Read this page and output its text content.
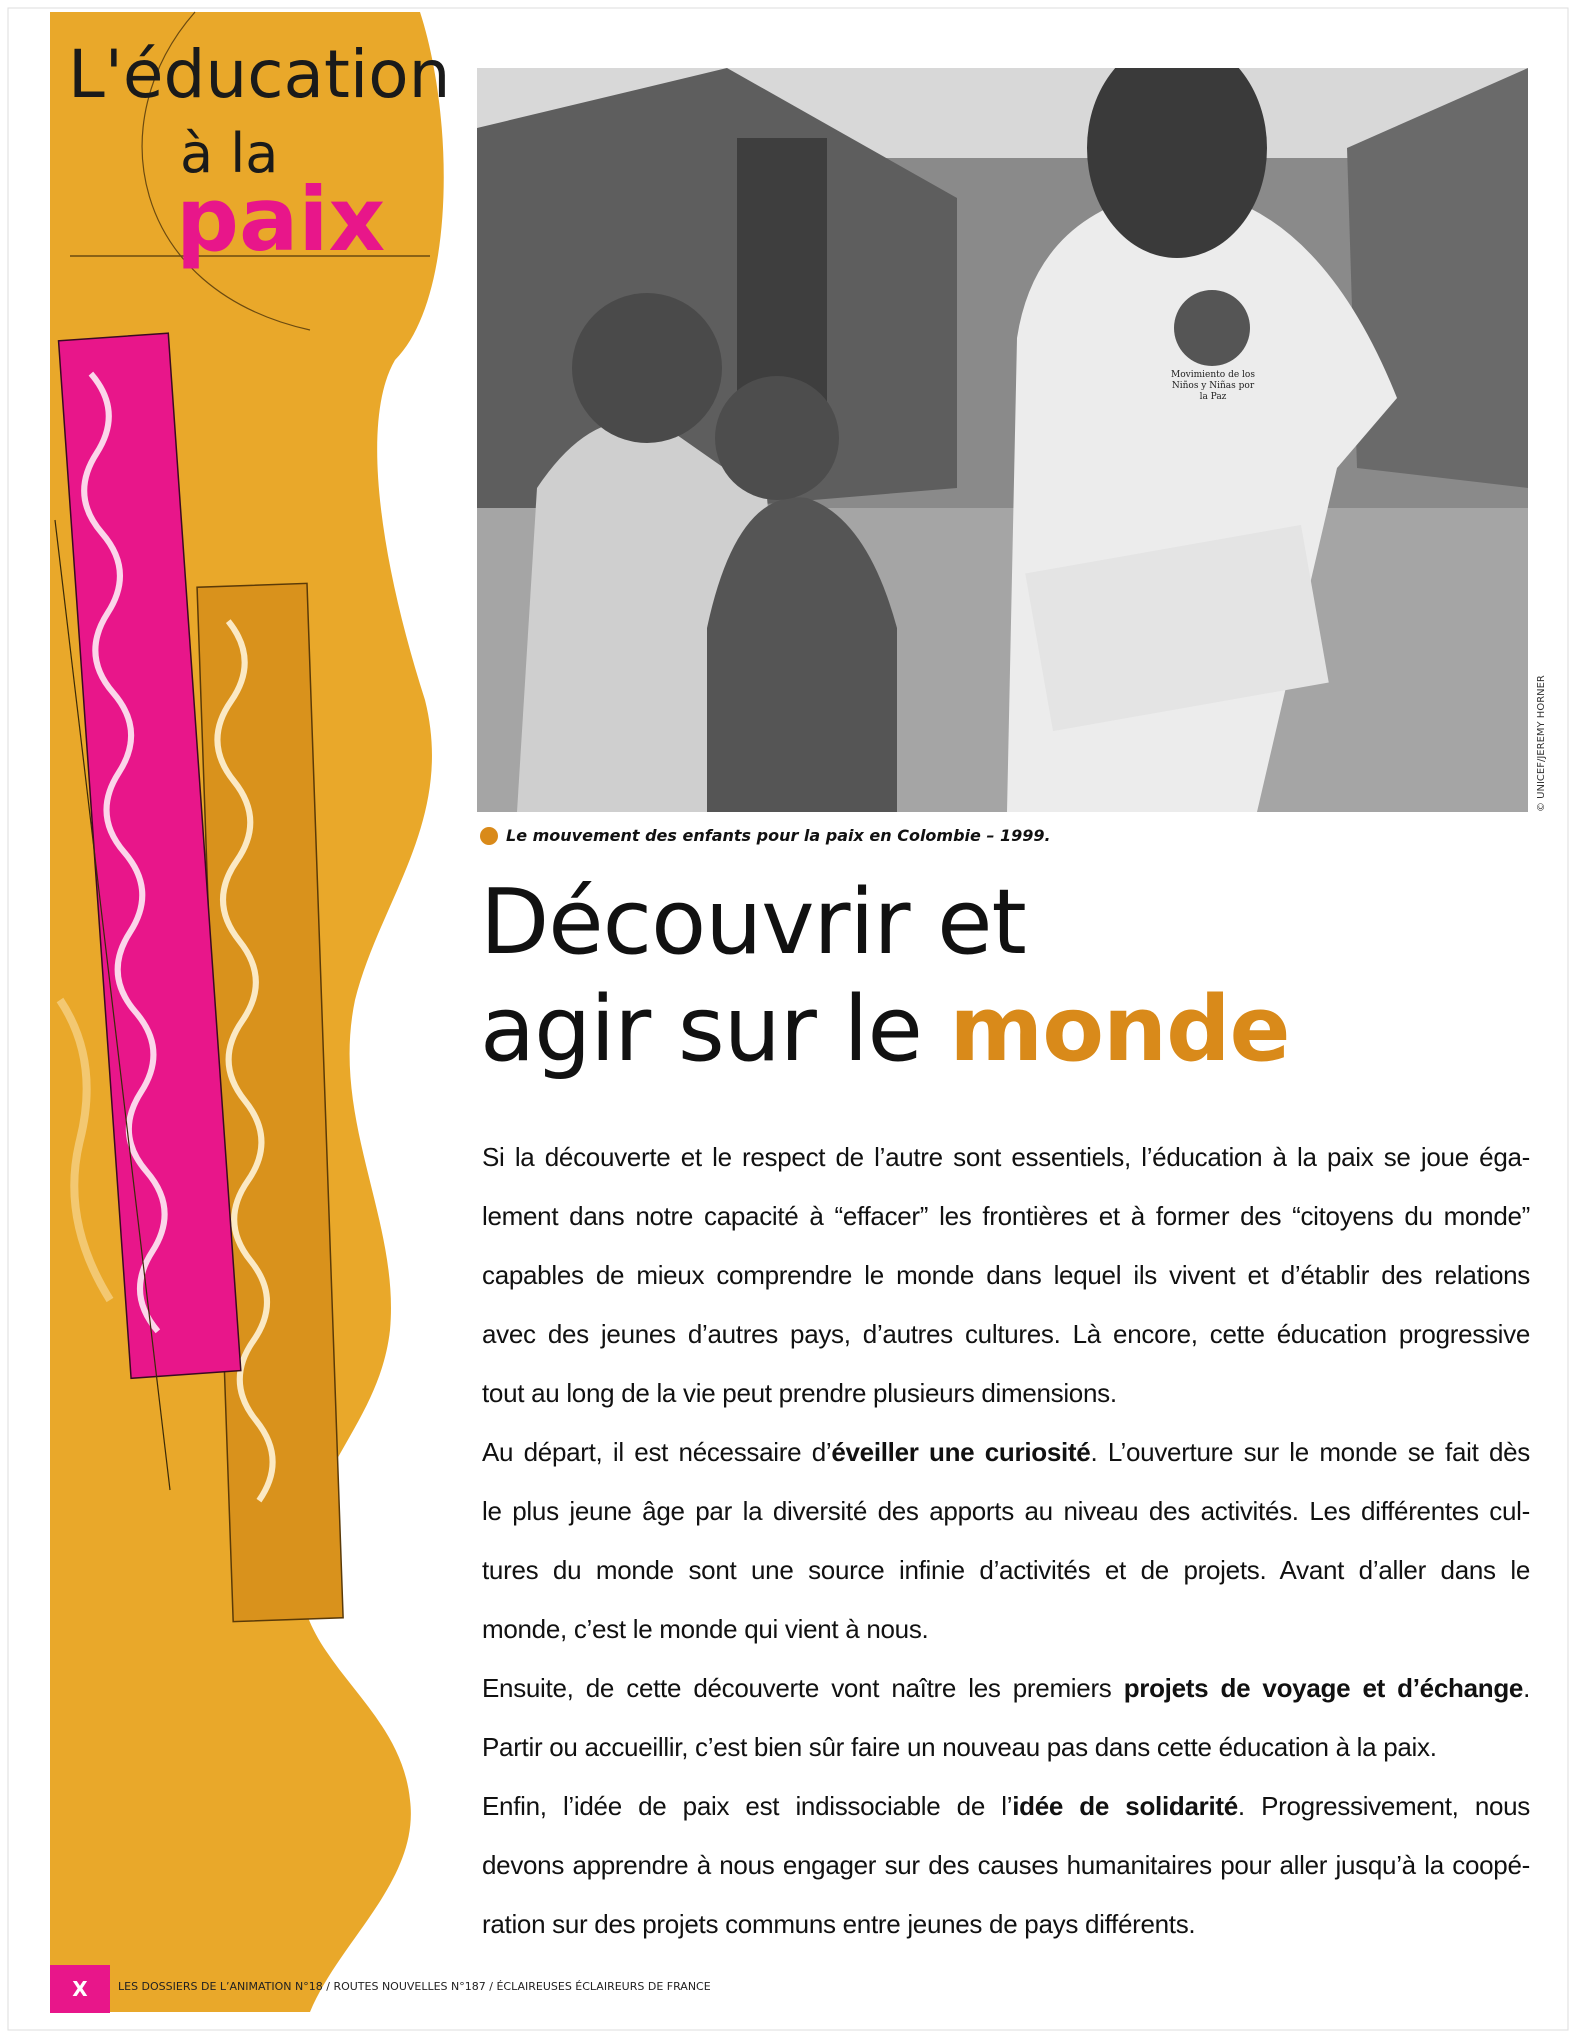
L'éducation
à la
paix
Movimiento de los Niños y Niñas por la Paz
© UNICEF/JEREMY HORNER
Le mouvement des enfants pour la paix en Colombie – 1999.
Découvrir et
agir sur le monde
Si la découverte et le respect de l’autre sont essentiels, l’éducation à la paix se joue éga-
lement dans notre capacité à “effacer” les frontières et à former des “citoyens du monde”
capables de mieux comprendre le monde dans lequel ils vivent et d’établir des relations
avec des jeunes d’autres pays, d’autres cultures. Là encore, cette éducation progressive
tout au long de la vie peut prendre plusieurs dimensions.
Au départ, il est nécessaire d’éveiller une curiosité. L’ouverture sur le monde se fait dès
le plus jeune âge par la diversité des apports au niveau des activités. Les différentes cul-
tures du monde sont une source infinie d’activités et de projets. Avant d’aller dans le
monde, c’est le monde qui vient à nous.
Ensuite, de cette découverte vont naître les premiers projets de voyage et d’échange.
Partir ou accueillir, c’est bien sûr faire un nouveau pas dans cette éducation à la paix.
Enfin, l’idée de paix est indissociable de l’idée de solidarité. Progressivement, nous
devons apprendre à nous engager sur des causes humanitaires pour aller jusqu’à la coopé-
ration sur des projets communs entre jeunes de pays différents.
X	LES DOSSIERS DE L’ANIMATION N°18 / ROUTES NOUVELLES N°187 / ÉCLAIREUSES ÉCLAIREURS DE FRANCE
